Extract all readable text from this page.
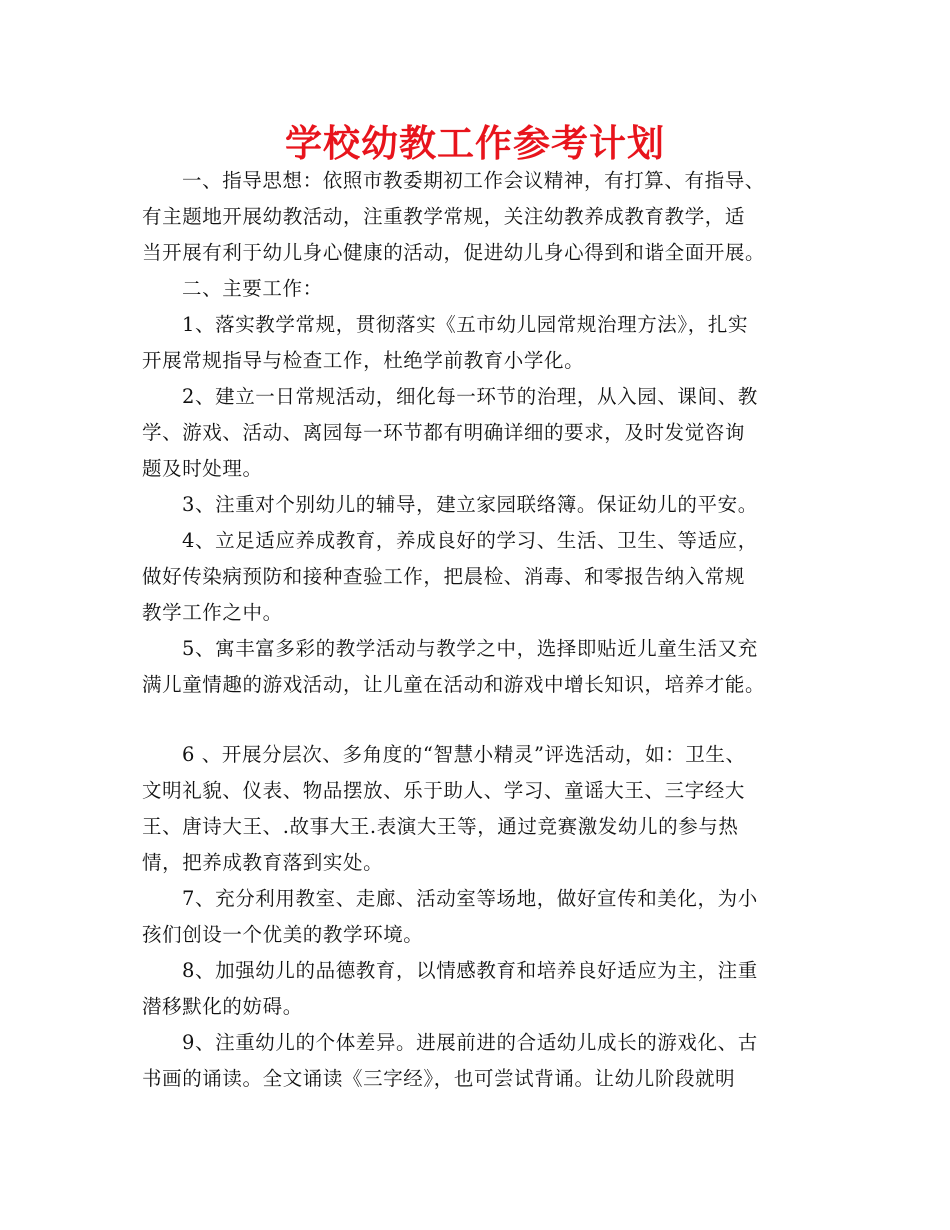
学校幼教工作参考计划
一、指导思想：依照市教委期初工作会议精神，有打算、有指导、
有主题地开展幼教活动，注重教学常规，关注幼教养成教育教学，适
当开展有利于幼儿身心健康的活动，促进幼儿身心得到和谐全面开展。
二、主要工作：
1、落实教学常规，贯彻落实《五市幼儿园常规治理方法》，扎实
开展常规指导与检查工作，杜绝学前教育小学化。
2、建立一日常规活动，细化每一环节的治理，从入园、课间、教
学、游戏、活动、离园每一环节都有明确详细的要求，及时发觉咨询
题及时处理。
3、注重对个别幼儿的辅导，建立家园联络簿。保证幼儿的平安。
4、立足适应养成教育，养成良好的学习、生活、卫生、等适应，
做好传染病预防和接种查验工作，把晨检、消毒、和零报告纳入常规
教学工作之中。
5、寓丰富多彩的教学活动与教学之中，选择即贴近儿童生活又充
满儿童情趣的游戏活动，让儿童在活动和游戏中增长知识，培养才能。
6 、开展分层次、多角度的“智慧小精灵”评选活动，如：卫生、
文明礼貌、仪表、物品摆放、乐于助人、学习、童谣大王、三字经大
王、唐诗大王、.故事大王.表演大王等，通过竞赛激发幼儿的参与热
情，把养成教育落到实处。
7、充分利用教室、走廊、活动室等场地，做好宣传和美化，为小
孩们创设一个优美的教学环境。
8、加强幼儿的品德教育，以情感教育和培养良好适应为主，注重
潜移默化的妨碍。
9、注重幼儿的个体差异。进展前进的合适幼儿成长的游戏化、古
书画的诵读。全文诵读《三字经》，也可尝试背诵。让幼儿阶段就明
